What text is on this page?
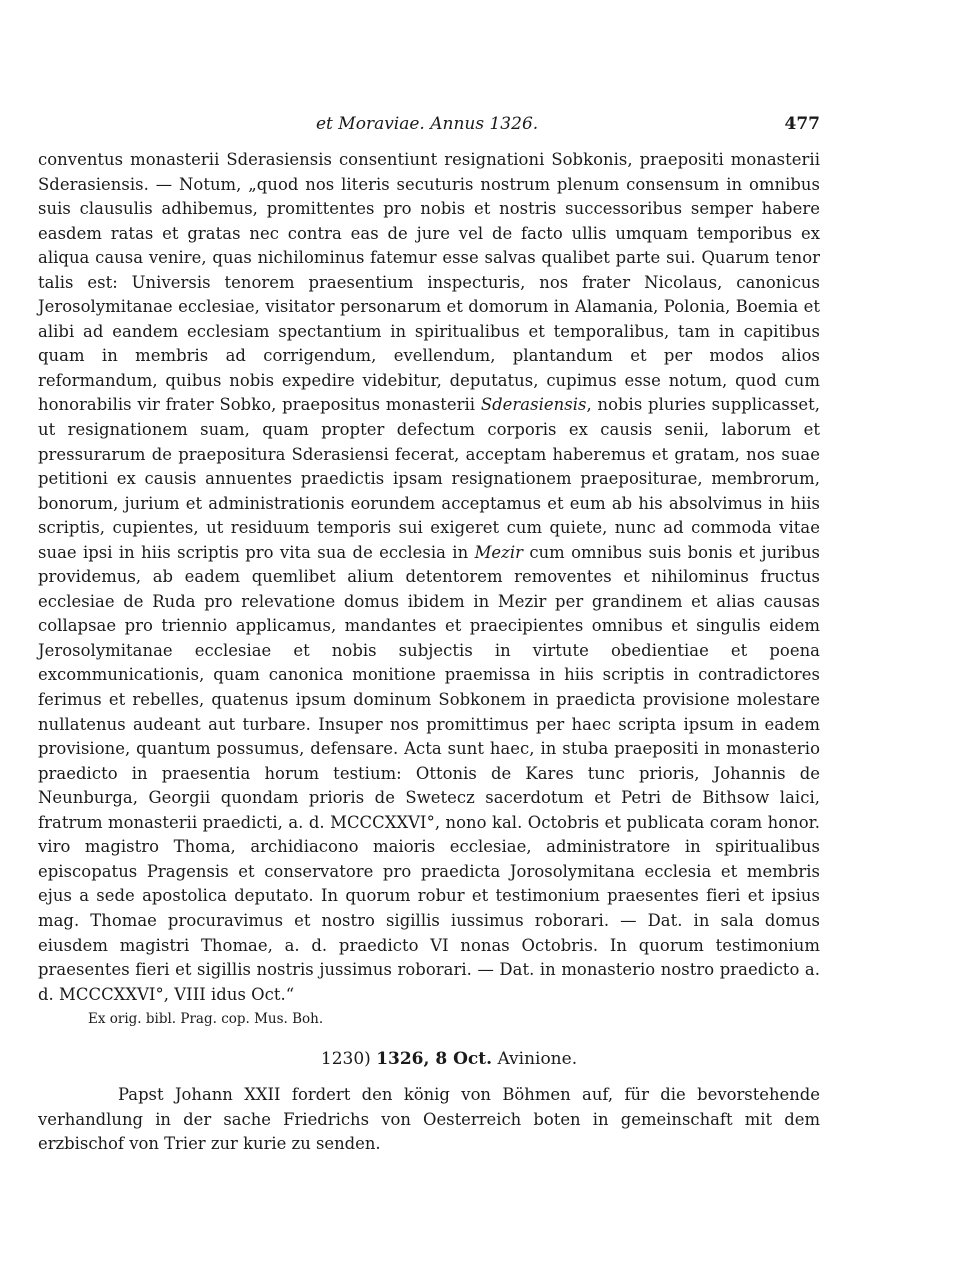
et Moraviae. Annus 1326.	477

conventus monasterii Sderasiensis consentiunt resignationi Sobkonis, praepositi monasterii Sderasiensis. — Notum, „quod nos literis secuturis nostrum plenum consensum in omnibus suis clausulis adhibemus, promittentes pro nobis et nostris successoribus semper habere easdem ratas et gratas nec contra eas de jure vel de facto ullis umquam temporibus ex aliqua causa venire, quas nichilominus fatemur esse salvas qualibet parte sui. Quarum tenor talis est: Universis tenorem praesentium inspecturis, nos frater Nicolaus, canonicus Jerosolymitanae ecclesiae, visitator personarum et domorum in Alamania, Polonia, Boemia et alibi ad eandem ecclesiam spectantium in spiritualibus et temporalibus, tam in capitibus quam in membris ad corrigendum, evellendum, plantandum et per modos alios reformandum, quibus nobis expedire videbitur, deputatus, cupimus esse notum, quod cum honorabilis vir frater Sobko, praepositus monasterii Sderasiensis, nobis pluries supplicasset, ut resignationem suam, quam propter defectum corporis ex causis senii, laborum et pressurarum de praepositura Sderasiensi fecerat, acceptam haberemus et gratam, nos suae petitioni ex causis annuentes praedictis ipsam resignationem praepositurae, membrorum, bonorum, jurium et administrationis eorundem acceptamus et eum ab his absolvimus in hiis scriptis, cupientes, ut residuum temporis sui exigeret cum quiete, nunc ad commoda vitae suae ipsi in hiis scriptis pro vita sua de ecclesia in Mezir cum omnibus suis bonis et juribus providemus, ab eadem quemlibet alium detentorem removentes et nihilominus fructus ecclesiae de Ruda pro relevatione domus ibidem in Mezir per grandinem et alias causas collapsae pro triennio applicamus, mandantes et praecipientes omnibus et singulis eidem Jerosolymitanae ecclesiae et nobis subjectis in virtute obedientiae et poena excommunicationis, quam canonica monitione praemissa in hiis scriptis in contradictores ferimus et rebelles, quatenus ipsum dominum Sobkonem in praedicta provisione molestare nullatenus audeant aut turbare. Insuper nos promittimus per haec scripta ipsum in eadem provisione, quantum possumus, defensare. Acta sunt haec, in stuba praepositi in monasterio praedicto in praesentia horum testium: Ottonis de Kares tunc prioris, Johannis de Neunburga, Georgii quondam prioris de Swetecz sacerdotum et Petri de Bithsow laici, fratrum monasterii praedicti, a. d. MCCCXXVI°, nono kal. Octobris et publicata coram honor. viro magistro Thoma, archidiacono maioris ecclesiae, administratore in spiritualibus episcopatus Pragensis et conservatore pro praedicta Jorosolymitana ecclesia et membris ejus a sede apostolica deputato. In quorum robur et testimonium praesentes fieri et ipsius mag. Thomae procuravimus et nostro sigillis iussimus roborari. — Dat. in sala domus eiusdem magistri Thomae, a. d. praedicto VI nonas Octobris. In quorum testimonium praesentes fieri et sigillis nostris jussimus roborari. — Dat. in monasterio nostro praedicto a. d. MCCCXXVI°, VIII idus Oct.“

Ex orig. bibl. Prag. cop. Mus. Boh.

1230) 1326, 8 Oct. Avinione.

Papst Johann XXII fordert den könig von Böhmen auf, für die bevorstehende verhandlung in der sache Friedrichs von Oesterreich boten in gemeinschaft mit dem erzbischof von Trier zur kurie zu senden.
